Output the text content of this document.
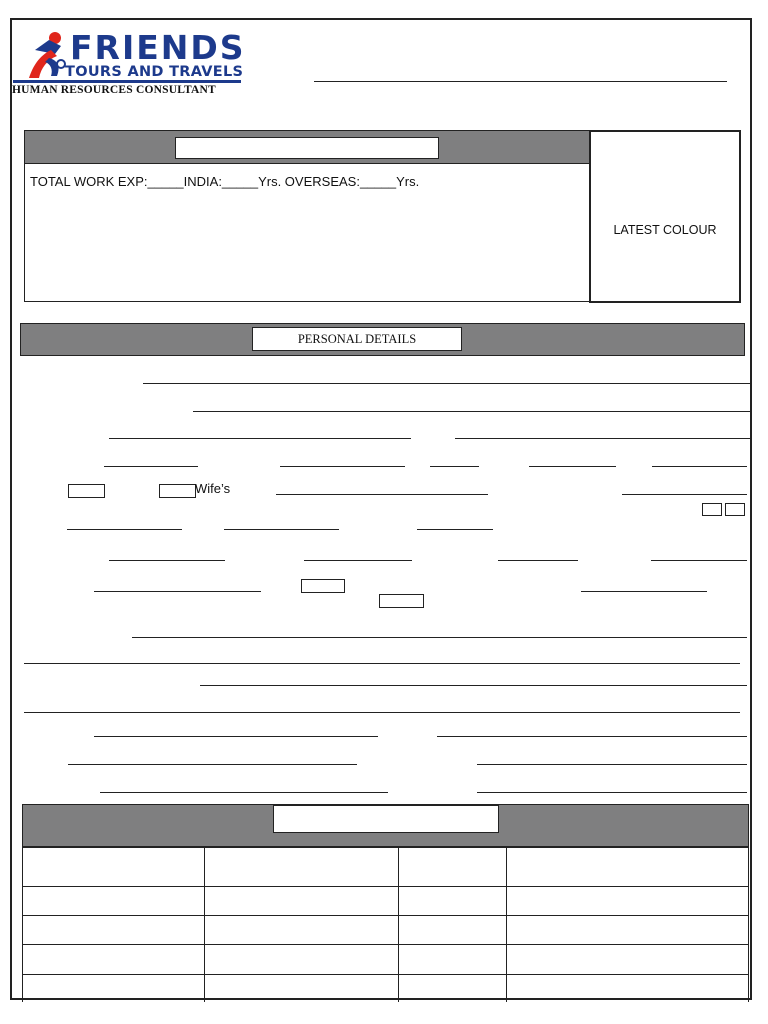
FRIENDS
TOURS AND TRAVELS
HUMAN RESOURCES CONSULTANT
TOTAL WORK EXP:_____INDIA:_____Yrs. OVERSEAS:_____Yrs.
LATEST COLOUR
PERSONAL DETAILS
Wife’s
